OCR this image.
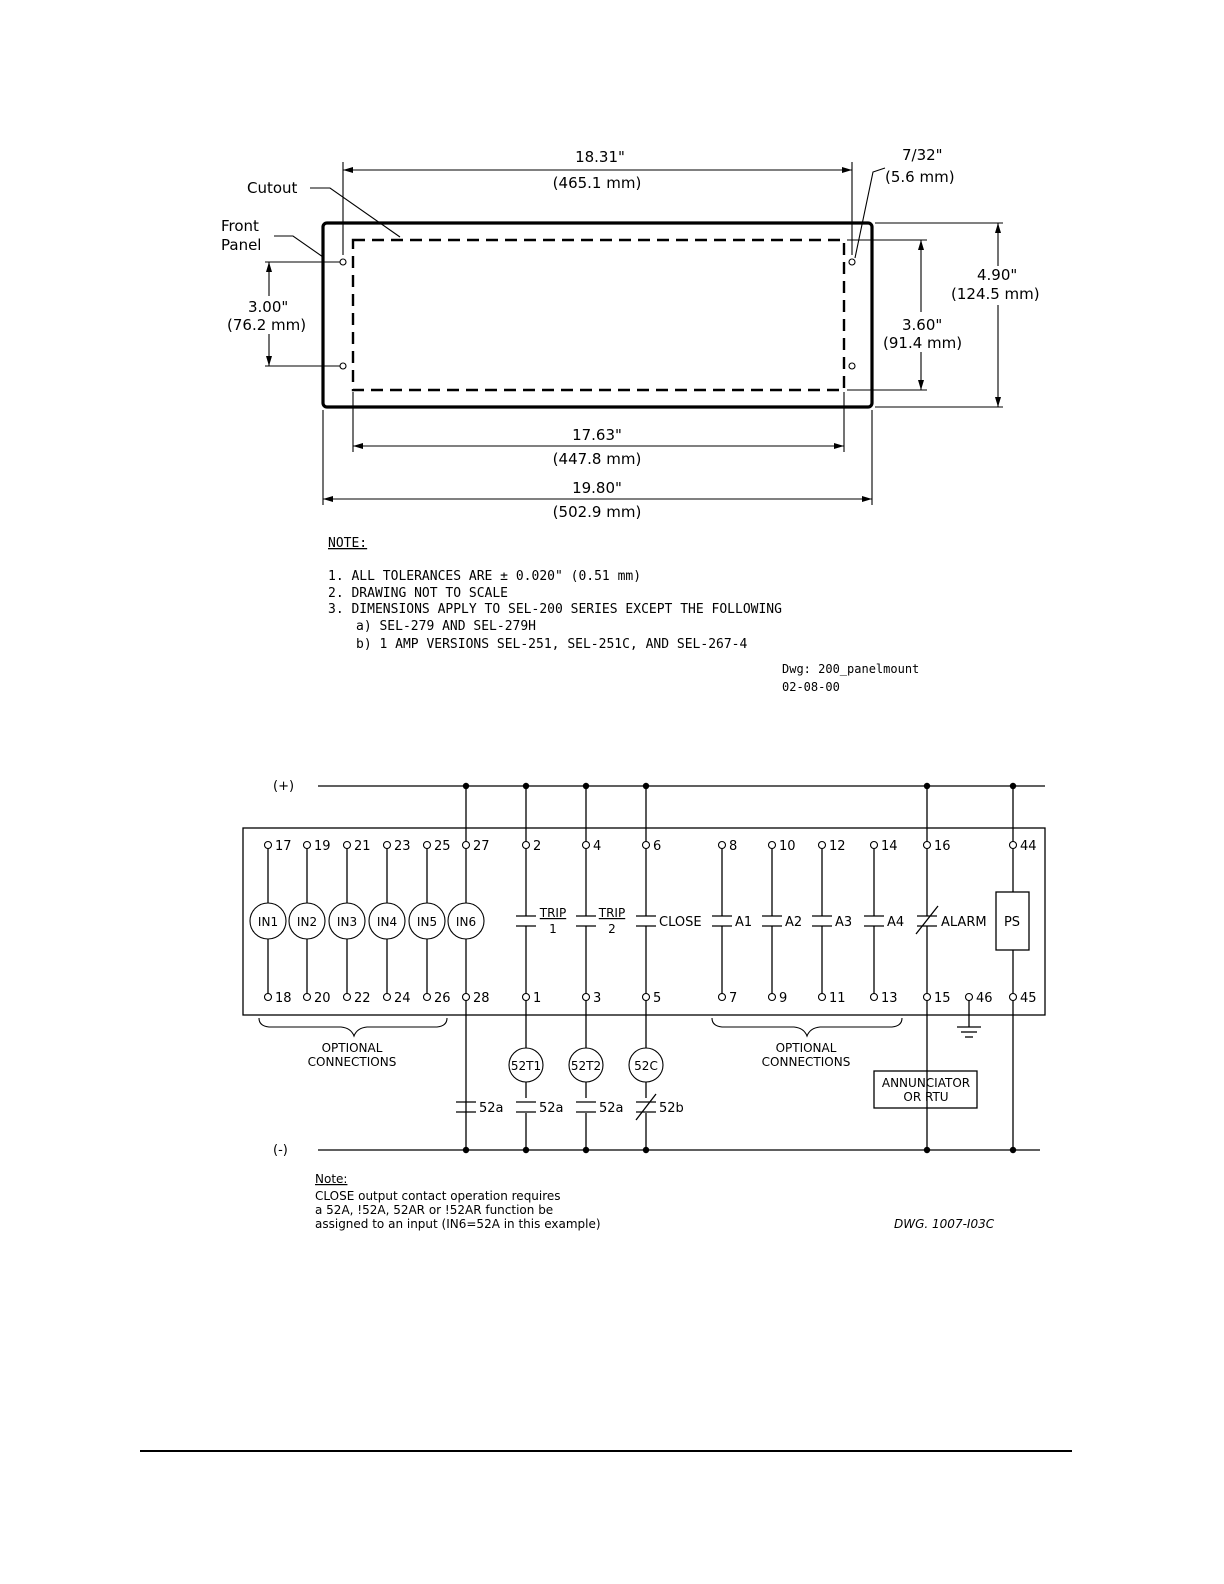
18.31"
(465.1 mm)
7/32"
(5.6 mm)
Cutout
Front
Panel
3.00"
(76.2 mm)
4.90"
(124.5 mm)
3.60"
(91.4 mm)
17.63"
(447.8 mm)
19.80"
(502.9 mm)
NOTE:
1. ALL TOLERANCES ARE ± 0.020" (0.51 mm)
2. DRAWING NOT TO SCALE
3. DIMENSIONS APPLY TO SEL-200 SERIES EXCEPT THE FOLLOWING
a) SEL-279 AND SEL-279H
b) 1 AMP VERSIONS SEL-251, SEL-251C, AND SEL-267-4
Dwg: 200_panelmount
02-08-00
(+)
(-)
IN1 IN2 IN3 IN4 IN5 IN6
17 19 21 23 25 27
18 20 22 24 26 28
OPTIONAL
CONNECTIONS
TRIP
1
TRIP
2	CLOSE
2	4	6
1	3	5
52T1 52T2	52C
52a	52a	52a	52b
A1	A2	A3	A4
8	10	12	14
7	9	11	13
OPTIONAL
CONNECTIONS
ALARM
16
15 46
PS
44
45
ANNUNCIATOR
OR RTU
Note:
CLOSE output contact operation requires
a 52A, !52A, 52AR or !52AR function be
assigned to an input (IN6=52A in this example)	DWG. 1007-I03C
